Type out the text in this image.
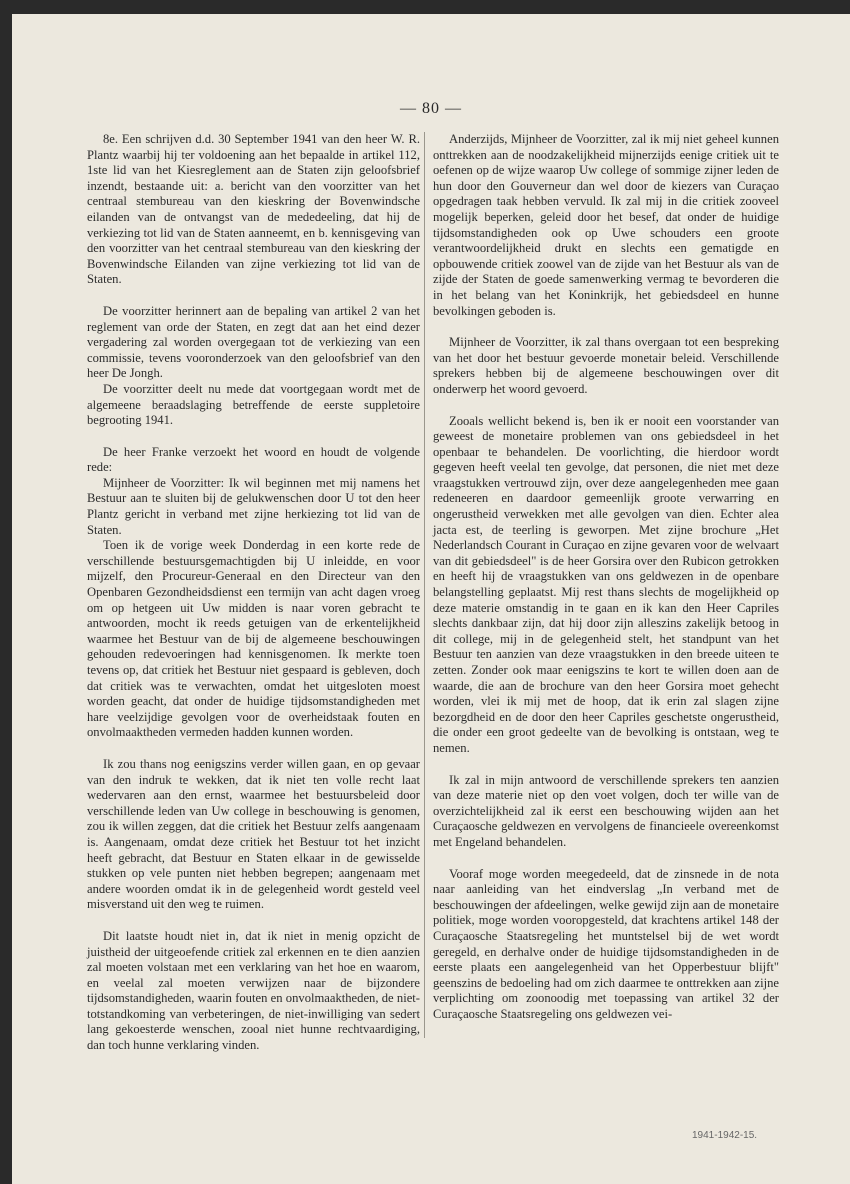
— 80 —

8e. Een schrijven d.d. 30 September 1941 van den heer W. R. Plantz waarbij hij ter voldoening aan het bepaalde in artikel 112, 1ste lid van het Kiesreglement aan de Staten zijn geloofsbrief inzendt, bestaande uit: a. bericht van den voorzitter van het centraal stembureau van den kieskring der Bovenwindsche eilanden van de ontvangst van de mededeeling, dat hij de verkiezing tot lid van de Staten aanneemt, en b. kennisgeving van den voorzitter van het centraal stembureau van den kieskring der Bovenwindsche Eilanden van zijne verkiezing tot lid van de Staten.

De voorzitter herinnert aan de bepaling van artikel 2 van het reglement van orde der Staten, en zegt dat aan het eind dezer vergadering zal worden overgegaan tot de verkiezing van een commissie, tevens vooronderzoek van den geloofsbrief van den heer De Jongh.

De voorzitter deelt nu mede dat voortgegaan wordt met de algemeene beraadslaging betreffende de eerste suppletoire begrooting 1941.

De heer Franke verzoekt het woord en houdt de volgende rede:

Mijnheer de Voorzitter: Ik wil beginnen met mij namens het Bestuur aan te sluiten bij de gelukwenschen door U tot den heer Plantz gericht in verband met zijne herkiezing tot lid van de Staten.

Toen ik de vorige week Donderdag in een korte rede de verschillende bestuursgemachtigden bij U inleidde, en voor mijzelf, den Procureur-Generaal en den Directeur van den Openbaren Gezondheidsdienst een termijn van acht dagen vroeg om op hetgeen uit Uw midden is naar voren gebracht te antwoorden, mocht ik reeds getuigen van de erkentelijkheid waarmee het Bestuur van de bij de algemeene beschouwingen gehouden redevoeringen had kennisgenomen. Ik merkte toen tevens op, dat critiek het Bestuur niet gespaard is gebleven, doch dat critiek was te verwachten, omdat het uitgesloten moest worden geacht, dat onder de huidige tijdsomstandigheden met hare veelzijdige gevolgen voor de overheidstaak fouten en onvolmaaktheden vermeden hadden kunnen worden.

Ik zou thans nog eenigszins verder willen gaan, en op gevaar van den indruk te wekken, dat ik niet ten volle recht laat wedervaren aan den ernst, waarmee het bestuursbeleid door verschillende leden van Uw college in beschouwing is genomen, zou ik willen zeggen, dat die critiek het Bestuur zelfs aangenaam is. Aangenaam, omdat deze critiek het Bestuur tot het inzicht heeft gebracht, dat Bestuur en Staten elkaar in de gewisselde stukken op vele punten niet hebben begrepen; aangenaam met andere woorden omdat ik in de gelegenheid wordt gesteld veel misverstand uit den weg te ruimen.

Dit laatste houdt niet in, dat ik niet in menig opzicht de juistheid der uitgeoefende critiek zal erkennen en te dien aanzien zal moeten volstaan met een verklaring van het hoe en waarom, en veelal zal moeten verwijzen naar de bijzondere tijdsomstandigheden, waarin fouten en onvolmaaktheden, de niet-totstandkoming van verbeteringen, de niet-inwilliging van sedert lang gekoesterde wenschen, zooal niet hunne rechtvaardiging, dan toch hunne verklaring vinden.

Anderzijds, Mijnheer de Voorzitter, zal ik mij niet geheel kunnen onttrekken aan de noodzakelijkheid mijnerzijds eenige critiek uit te oefenen op de wijze waarop Uw college of sommige zijner leden de hun door den Gouverneur dan wel door de kiezers van Curaçao opgedragen taak hebben vervuld. Ik zal mij in die critiek zooveel mogelijk beperken, geleid door het besef, dat onder de huidige tijdsomstandigheden ook op Uwe schouders een groote verantwoordelijkheid drukt en slechts een gematigde en opbouwende critiek zoowel van de zijde van het Bestuur als van de zijde der Staten de goede samenwerking vermag te bevorderen die in het belang van het Koninkrijk, het gebiedsdeel en hunne bevolkingen geboden is.

Mijnheer de Voorzitter, ik zal thans overgaan tot een bespreking van het door het bestuur gevoerde monetair beleid. Verschillende sprekers hebben bij de algemeene beschouwingen over dit onderwerp het woord gevoerd.

Zooals wellicht bekend is, ben ik er nooit een voorstander van geweest de monetaire problemen van ons gebiedsdeel in het openbaar te behandelen. De voorlichting, die hierdoor wordt gegeven heeft veelal ten gevolge, dat personen, die niet met deze vraagstukken vertrouwd zijn, over deze aangelegenheden mee gaan redeneeren en daardoor gemeenlijk groote verwarring en ongerustheid verwekken met alle gevolgen van dien. Echter alea jacta est, de teerling is geworpen. Met zijne brochure „Het Nederlandsch Courant in Curaçao en zijne gevaren voor de welvaart van dit gebiedsdeel" is de heer Gorsira over den Rubicon getrokken en heeft hij de vraagstukken van ons geldwezen in de openbare belangstelling geplaatst. Mij rest thans slechts de mogelijkheid op deze materie omstandig in te gaan en ik kan den Heer Capriles slechts dankbaar zijn, dat hij door zijn alleszins zakelijk betoog in dit college, mij in de gelegenheid stelt, het standpunt van het Bestuur ten aanzien van deze vraagstukken in den breede uiteen te zetten. Zonder ook maar eenigszins te kort te willen doen aan de waarde, die aan de brochure van den heer Gorsira moet gehecht worden, vlei ik mij met de hoop, dat ik erin zal slagen zijne bezorgdheid en de door den heer Capriles geschetste ongerustheid, die onder een groot gedeelte van de bevolking is ontstaan, weg te nemen.

Ik zal in mijn antwoord de verschillende sprekers ten aanzien van deze materie niet op den voet volgen, doch ter wille van de overzichtelijkheid zal ik eerst een beschouwing wijden aan het Curaçaosche geldwezen en vervolgens de financieele overeenkomst met Engeland behandelen.

Vooraf moge worden meegedeeld, dat de zinsnede in de nota naar aanleiding van het eindverslag „In verband met de beschouwingen der afdeelingen, welke gewijd zijn aan de monetaire politiek, moge worden vooropgesteld, dat krachtens artikel 148 der Curaçaosche Staatsregeling het muntstelsel bij de wet wordt geregeld, en derhalve onder de huidige tijdsomstandigheden in de eerste plaats een aangelegenheid van het Opperbestuur blijft" geenszins de bedoeling had om zich daarmee te onttrekken aan zijne verplichting om zoonoodig met toepassing van artikel 32 der Curaçaosche Staatsregeling ons geldwezen vei-

1941-1942-15.
